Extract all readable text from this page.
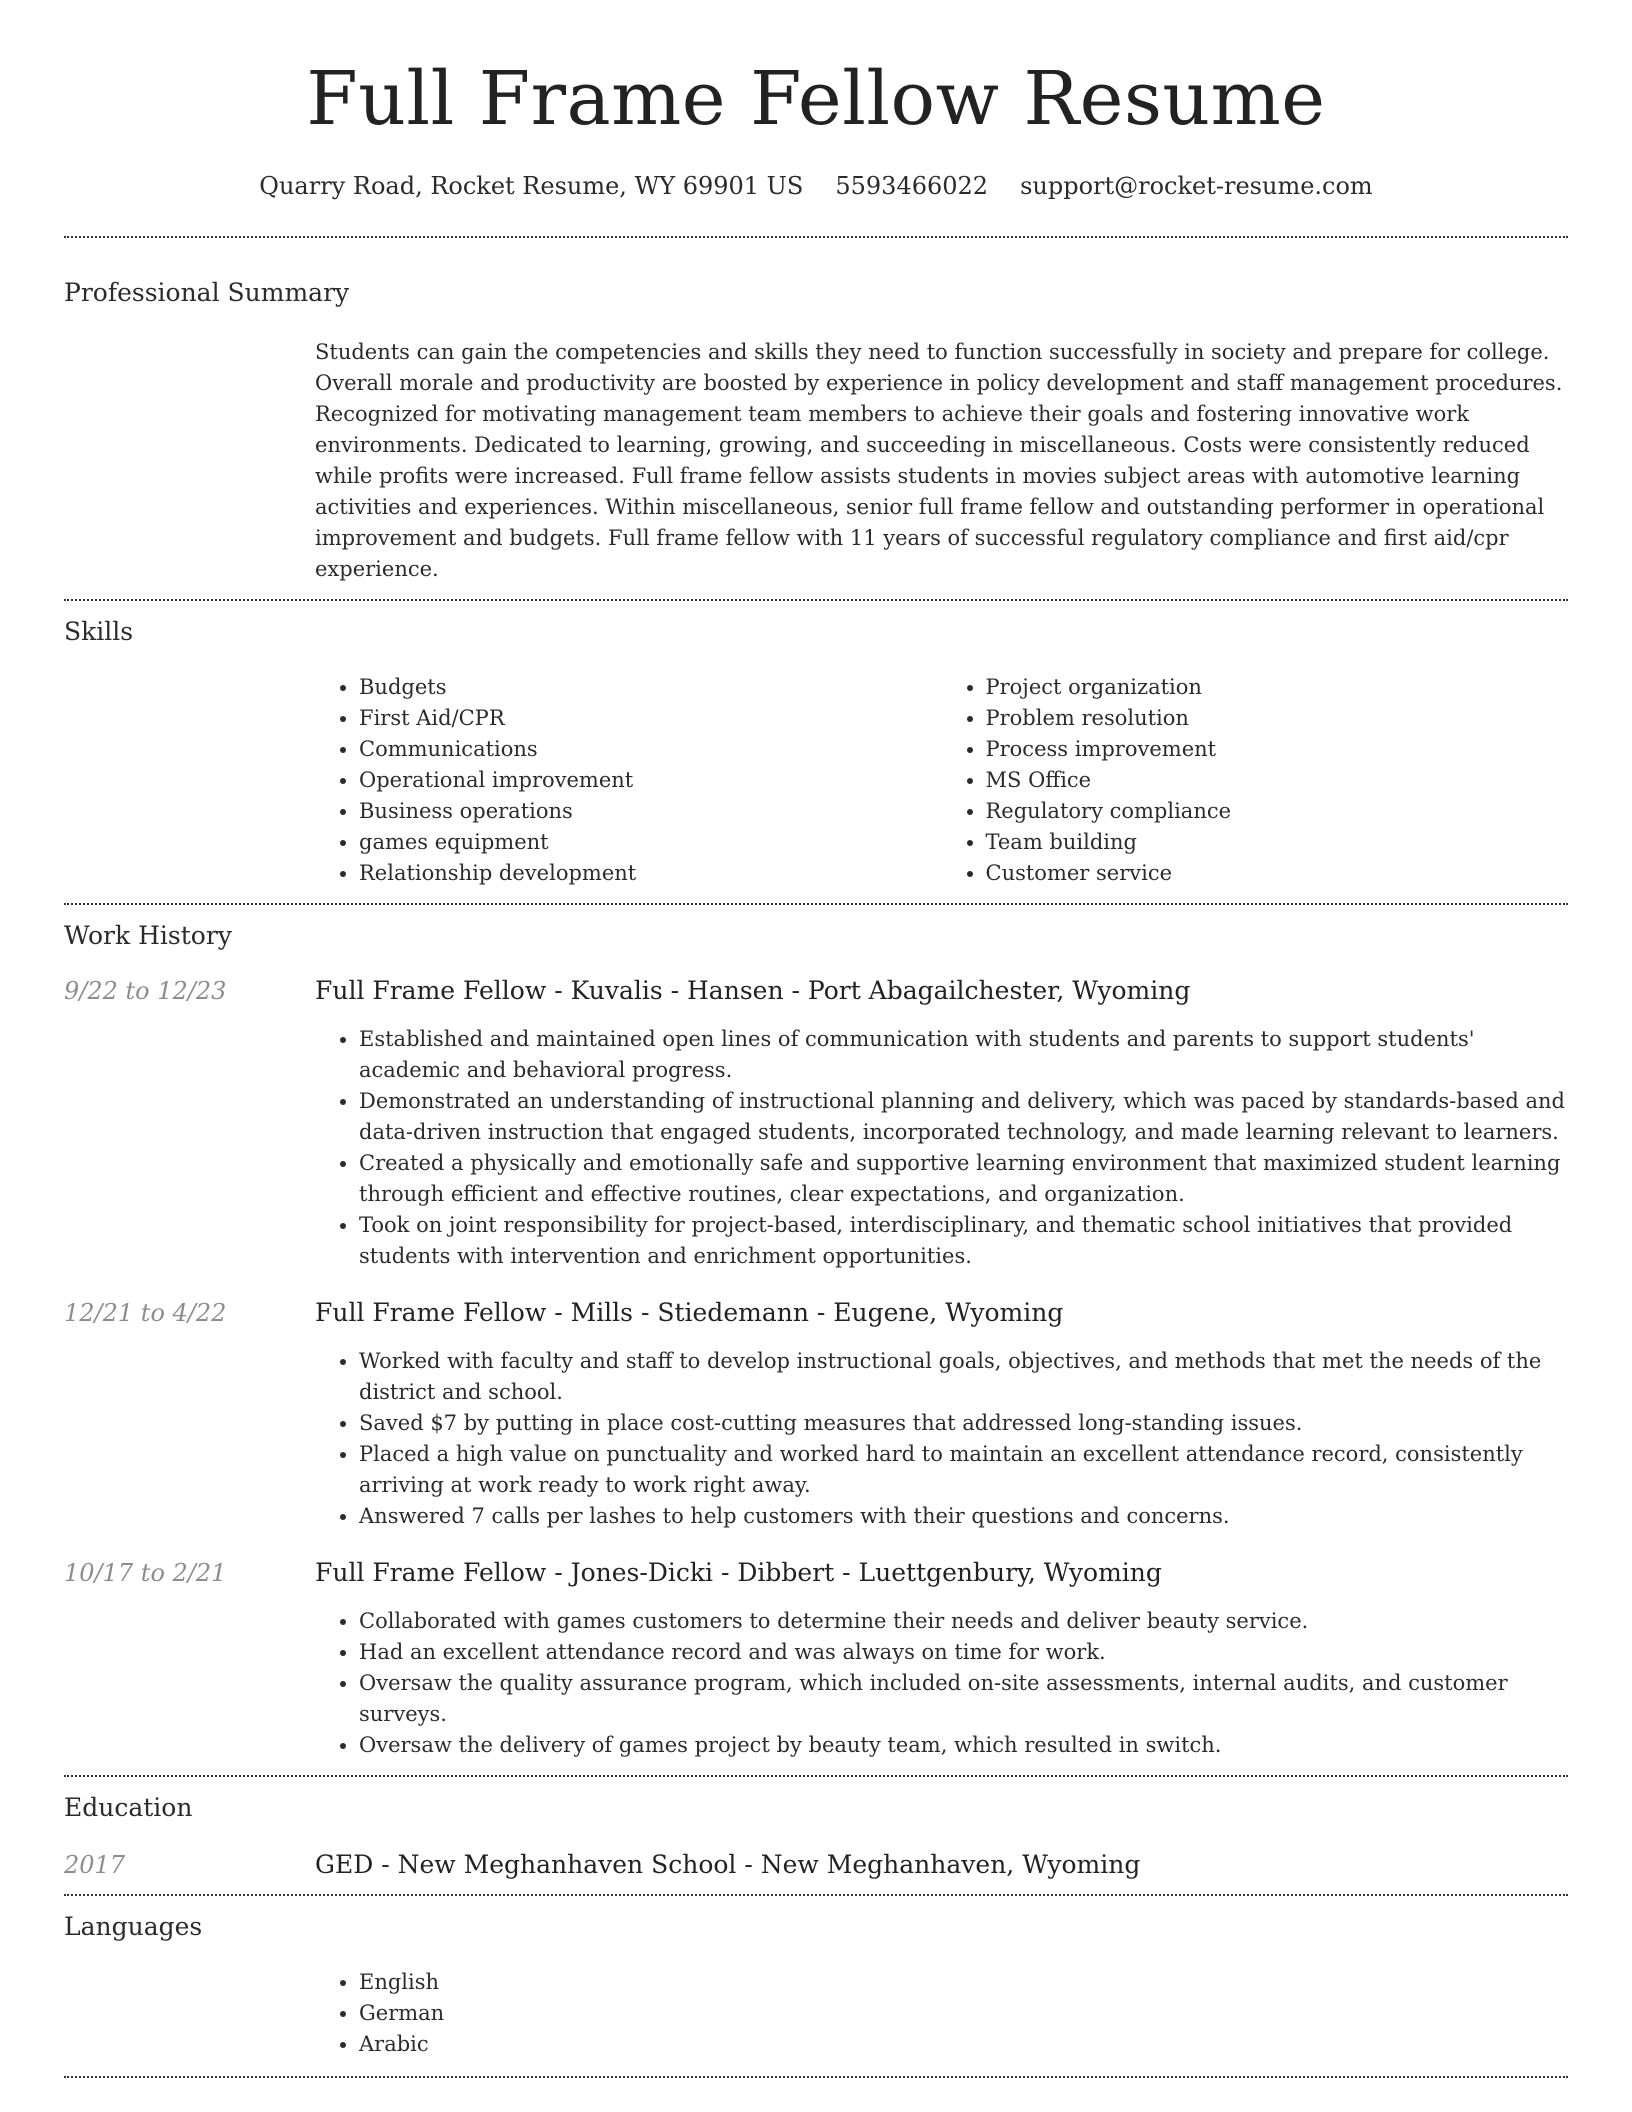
Full Frame Fellow Resume
Quarry Road, Rocket Resume, WY 69901 US 5593466022 support@rocket-resume.com
Professional Summary
Students can gain the competencies and skills they need to function successfully in society and prepare for college. Overall morale and productivity are boosted by experience in policy development and staff management procedures. Recognized for motivating management team members to achieve their goals and fostering innovative work environments. Dedicated to learning, growing, and succeeding in miscellaneous. Costs were consistently reduced while profits were increased. Full frame fellow assists students in movies subject areas with automotive learning activities and experiences. Within miscellaneous, senior full frame fellow and outstanding performer in operational improvement and budgets. Full frame fellow with 11 years of successful regulatory compliance and first aid/cpr experience.
Skills
• Budgets
• First Aid/CPR
• Communications
• Operational improvement
• Business operations
• games equipment
• Relationship development
• Project organization
• Problem resolution
• Process improvement
• MS Office
• Regulatory compliance
• Team building
• Customer service
Work History
9/22 to 12/23	Full Frame Fellow - Kuvalis - Hansen - Port Abagailchester, Wyoming
• Established and maintained open lines of communication with students and parents to support students' academic and behavioral progress.
• Demonstrated an understanding of instructional planning and delivery, which was paced by standards-based and data-driven instruction that engaged students, incorporated technology, and made learning relevant to learners.
• Created a physically and emotionally safe and supportive learning environment that maximized student learning through efficient and effective routines, clear expectations, and organization.
• Took on joint responsibility for project-based, interdisciplinary, and thematic school initiatives that provided students with intervention and enrichment opportunities.
12/21 to 4/22	Full Frame Fellow - Mills - Stiedemann - Eugene, Wyoming
• Worked with faculty and staff to develop instructional goals, objectives, and methods that met the needs of the district and school.
• Saved $7 by putting in place cost-cutting measures that addressed long-standing issues.
• Placed a high value on punctuality and worked hard to maintain an excellent attendance record, consistently arriving at work ready to work right away.
• Answered 7 calls per lashes to help customers with their questions and concerns.
10/17 to 2/21	Full Frame Fellow - Jones-Dicki - Dibbert - Luettgenbury, Wyoming
• Collaborated with games customers to determine their needs and deliver beauty service.
• Had an excellent attendance record and was always on time for work.
• Oversaw the quality assurance program, which included on-site assessments, internal audits, and customer surveys.
• Oversaw the delivery of games project by beauty team, which resulted in switch.
Education
2017	GED - New Meghanhaven School - New Meghanhaven, Wyoming
Languages
• English
• German
• Arabic
